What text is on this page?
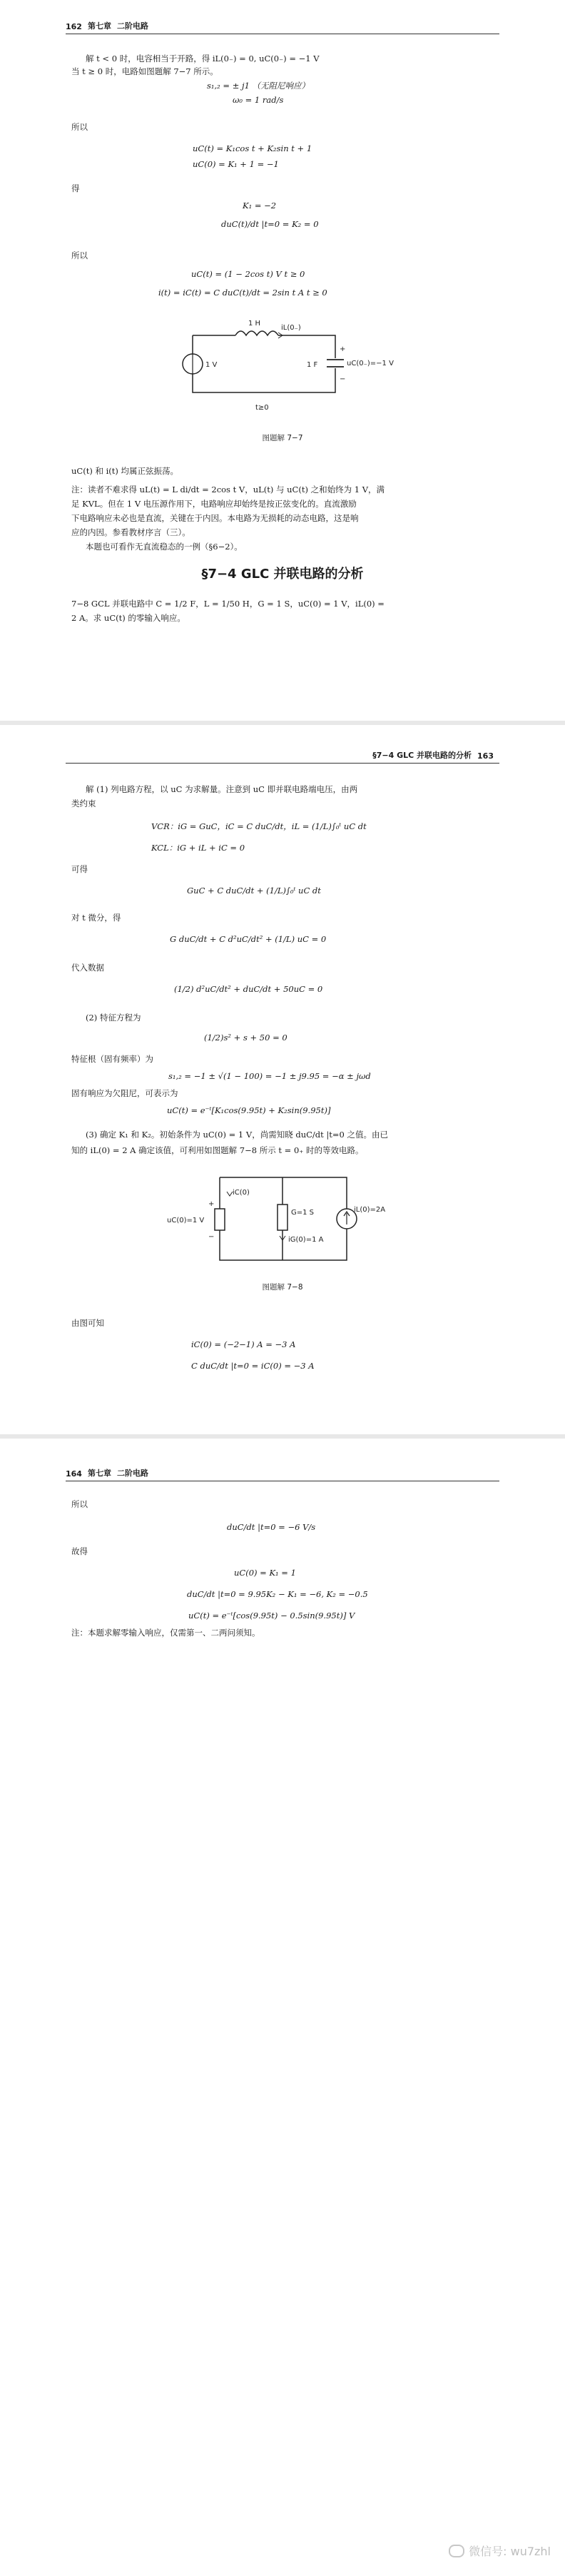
162 第七章 二阶电路
解 t < 0 时，电容相当于开路，得 iL(0₋) = 0, uC(0₋) = −1 V
当 t ≥ 0 时，电路如图题解 7−7 所示。
s₁,₂ = ± j1 （无阻尼响应）
ω₀ = 1 rad/s
所以
uC(t) = K₁cos t + K₂sin t + 1
uC(0) = K₁ + 1 = −1
得
K₁ = −2
duC(t)/dt |t=0 = K₂ = 0
所以
uC(t) = (1 − 2cos t) V t ≥ 0
i(t) = iC(t) = C duC(t)/dt = 2sin t A t ≥ 0
1 H
iL(0₋)
1 V	1 F	uC(0₋)=−1 V
+
−
t≥0
图题解 7−7
uC(t) 和 i(t) 均属正弦振荡。
注：读者不难求得 uL(t) = L di/dt = 2cos t V，uL(t) 与 uC(t) 之和始终为 1 V，满
足 KVL。但在 1 V 电压源作用下，电路响应却始终是按正弦变化的。直流激励
下电路响应未必也是直流，关键在于内因。本电路为无损耗的动态电路，这是响
应的内因。参看教材序言（三）。
本题也可看作无直流稳态的一例（§6−2）。
§7−4 GLC 并联电路的分析
7−8 GCL 并联电路中 C = 1/2 F，L = 1/50 H，G = 1 S，uC(0) = 1 V，iL(0) =
2 A。求 uC(t) 的零输入响应。
§7−4 GLC 并联电路的分析 163
解 (1) 列电路方程，以 uC 为求解量。注意到 uC 即并联电路端电压，由两
类约束
VCR：iG = GuC，iC = C duC/dt，iL = (1/L)∫₀ᵗ uC dt
KCL：iG + iL + iC = 0
可得
GuC + C duC/dt + (1/L)∫₀ᵗ uC dt
对 t 微分，得
G duC/dt + C d²uC/dt² + (1/L) uC = 0
代入数据
(1/2) d²uC/dt² + duC/dt + 50uC = 0
(2) 特征方程为
(1/2)s² + s + 50 = 0
特征根（固有频率）为
s₁,₂ = −1 ± √(1 − 100) = −1 ± j9.95 = −α ± jωd
固有响应为欠阻尼，可表示为
uC(t) = e⁻ᵗ[K₁cos(9.95t) + K₂sin(9.95t)]
(3) 确定 K₁ 和 K₂。初始条件为 uC(0) = 1 V，尚需知晓 duC/dt |t=0 之值。由已
知的 iL(0) = 2 A 确定该值，可利用如图题解 7−8 所示 t = 0₊ 时的等效电路。
iC(0)
uC(0)=1 V
G=1 S
iG(0)=1 A
iL(0)=2A
+
−
图题解 7−8
由图可知
iC(0) = (−2−1) A = −3 A
C duC/dt |t=0 = iC(0) = −3 A
164 第七章 二阶电路
所以
duC/dt |t=0 = −6 V/s
故得
uC(0) = K₁ = 1
duC/dt |t=0 = 9.95K₂ − K₁ = −6, K₂ = −0.5
uC(t) = e⁻ᵗ[cos(9.95t) − 0.5sin(9.95t)] V
注：本题求解零输入响应，仅需第一、二两问须知。
微信号: wu7zhl
